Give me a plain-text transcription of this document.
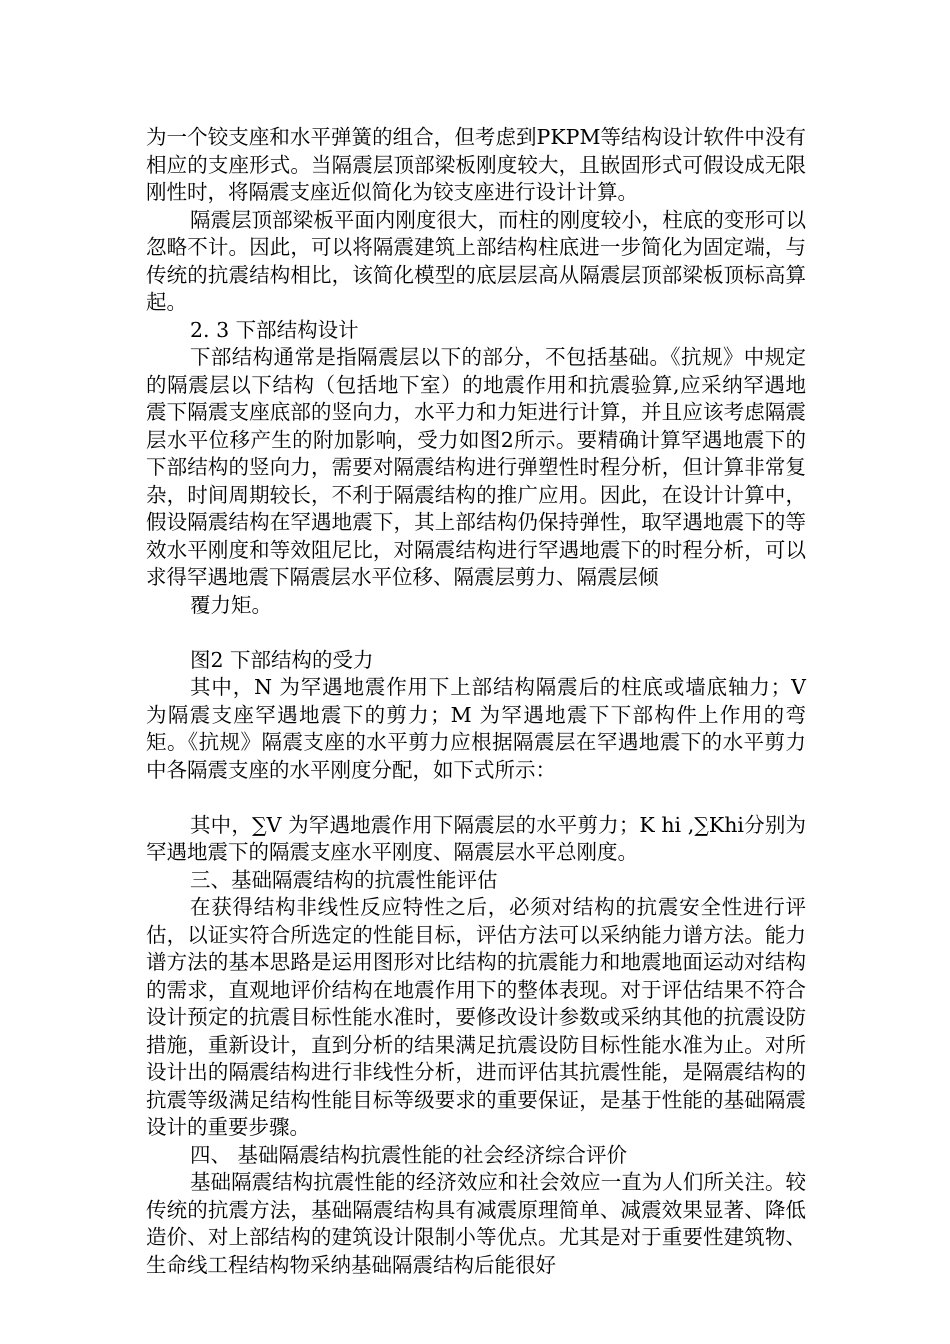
为一个铰支座和水平弹簧的组合，但考虑到PKPM等结构设计软件中没有相应的支座形式。当隔震层顶部梁板刚度较大，且嵌固形式可假设成无限刚性时，将隔震支座近似简化为铰支座进行设计计算。

隔震层顶部梁板平面内刚度很大，而柱的刚度较小，柱底的变形可以忽略不计。因此，可以将隔震建筑上部结构柱底进一步简化为固定端，与传统的抗震结构相比，该简化模型的底层层高从隔震层顶部梁板顶标高算起。

2. 3 下部结构设计

下部结构通常是指隔震层以下的部分，不包括基础。《抗规》中规定的隔震层以下结构（包括地下室）的地震作用和抗震验算,应采纳罕遇地震下隔震支座底部的竖向力，水平力和力矩进行计算，并且应该考虑隔震层水平位移产生的附加影响，受力如图2所示。要精确计算罕遇地震下的下部结构的竖向力，需要对隔震结构进行弹塑性时程分析，但计算非常复杂，时间周期较长，不利于隔震结构的推广应用。因此，在设计计算中，假设隔震结构在罕遇地震下，其上部结构仍保持弹性，取罕遇地震下的等效水平刚度和等效阻尼比，对隔震结构进行罕遇地震下的时程分析，可以求得罕遇地震下隔震层水平位移、隔震层剪力、隔震层倾

覆力矩。

图2 下部结构的受力

其中，N 为罕遇地震作用下上部结构隔震后的柱底或墙底轴力；V 为隔震支座罕遇地震下的剪力；M 为罕遇地震下下部构件上作用的弯矩。《抗规》隔震支座的水平剪力应根据隔震层在罕遇地震下的水平剪力中各隔震支座的水平刚度分配，如下式所示：

其中，∑V 为罕遇地震作用下隔震层的水平剪力；K hi ,∑Khi分别为罕遇地震下的隔震支座水平刚度、隔震层水平总刚度。

三、基础隔震结构的抗震性能评估

在获得结构非线性反应特性之后，必须对结构的抗震安全性进行评估，以证实符合所选定的性能目标，评估方法可以采纳能力谱方法。能力谱方法的基本思路是运用图形对比结构的抗震能力和地震地面运动对结构的需求，直观地评价结构在地震作用下的整体表现。对于评估结果不符合设计预定的抗震目标性能水准时，要修改设计参数或采纳其他的抗震设防措施，重新设计，直到分析的结果满足抗震设防目标性能水准为止。对所设计出的隔震结构进行非线性分析，进而评估其抗震性能，是隔震结构的抗震等级满足结构性能目标等级要求的重要保证，是基于性能的基础隔震设计的重要步骤。

四、 基础隔震结构抗震性能的社会经济综合评价

基础隔震结构抗震性能的经济效应和社会效应一直为人们所关注。较传统的抗震方法，基础隔震结构具有减震原理简单、减震效果显著、降低造价、对上部结构的建筑设计限制小等优点。尤其是对于重要性建筑物、生命线工程结构物采纳基础隔震结构后能很好
